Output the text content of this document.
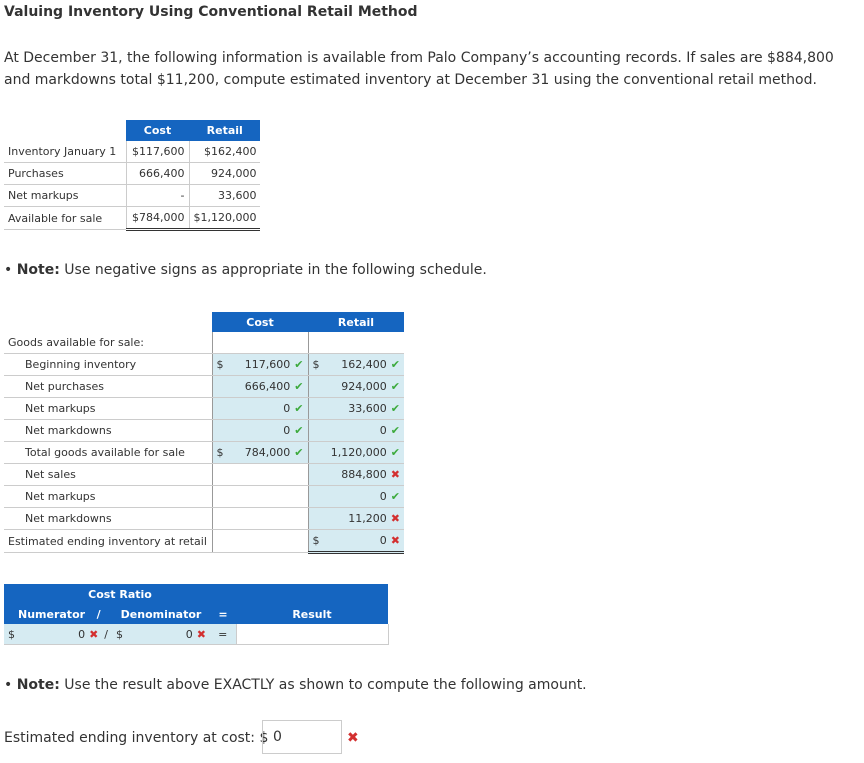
Valuing Inventory Using Conventional Retail Method
At December 31, the following information is available from Palo Company’s accounting records. If sales are $884,800 and markdowns total $11,200, compute estimated inventory at December 31 using the conventional retail method.
	Cost	Retail
Inventory January 1	$117,600	$162,400
Purchases	666,400	924,000
Net markups	-	33,600
Available for sale	$784,000	$1,120,000
• Note: Use negative signs as appropriate in the following schedule.
	Cost	Retail
Goods available for sale:		
Beginning inventory	$ 117,600 ✔	$ 162,400 ✔
Net purchases	666,400 ✔	924,000 ✔
Net markups	0 ✔	33,600 ✔
Net markdowns	0 ✔	0 ✔
Total goods available for sale	$ 784,000 ✔	1,120,000 ✔
Net sales		884,800 ✖
Net markups		0 ✔
Net markdowns		11,200 ✖
Estimated ending inventory at retail		$ 0 ✖
Cost Ratio			
Numerator /	Denominator	=	Result

$ 0 ✖ /	$ 0 ✖	=	
• Note: Use the result above EXACTLY as shown to compute the following amount.
Estimated ending inventory at cost: $ 0	✖
